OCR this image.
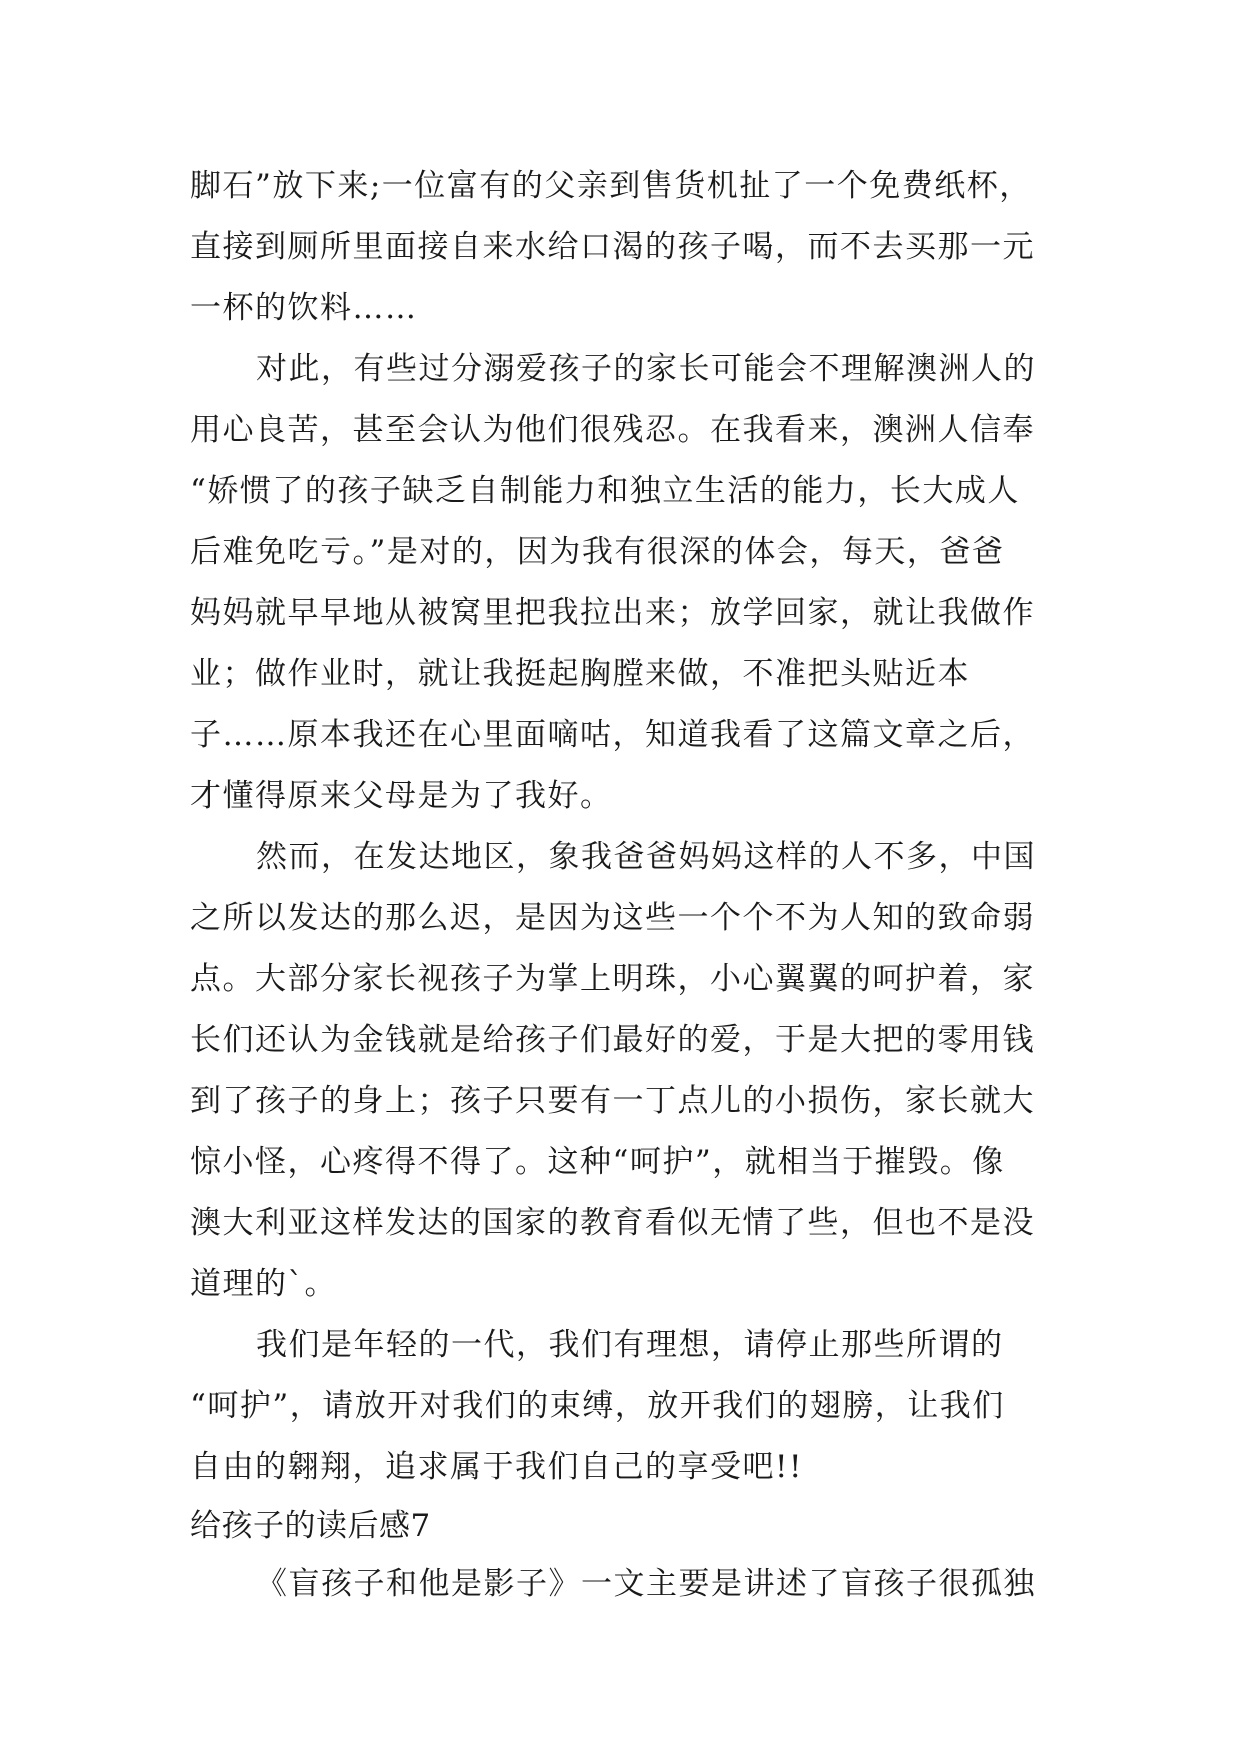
脚石”放下来;一位富有的父亲到售货机扯了一个免费纸杯，
直接到厕所里面接自来水给口渴的孩子喝，而不去买那一元
一杯的饮料……
对此，有些过分溺爱孩子的家长可能会不理解澳洲人的
用心良苦，甚至会认为他们很残忍。在我看来，澳洲人信奉
“娇惯了的孩子缺乏自制能力和独立生活的能力，长大成人
后难免吃亏。”是对的，因为我有很深的体会，每天，爸爸
妈妈就早早地从被窝里把我拉出来；放学回家，就让我做作
业；做作业时，就让我挺起胸膛来做，不准把头贴近本
子……原本我还在心里面嘀咕，知道我看了这篇文章之后，
才懂得原来父母是为了我好。
然而，在发达地区，象我爸爸妈妈这样的人不多，中国
之所以发达的那么迟，是因为这些一个个不为人知的致命弱
点。大部分家长视孩子为掌上明珠，小心翼翼的呵护着，家
长们还认为金钱就是给孩子们最好的爱，于是大把的零用钱
到了孩子的身上；孩子只要有一丁点儿的小损伤，家长就大
惊小怪，心疼得不得了。这种“呵护”，就相当于摧毁。像
澳大利亚这样发达的国家的教育看似无情了些，但也不是没
道理的`。
我们是年轻的一代，我们有理想，请停止那些所谓的
“呵护”，请放开对我们的束缚，放开我们的翅膀，让我们
自由的翱翔，追求属于我们自己的享受吧!!
给孩子的读后感7
《盲孩子和他是影子》一文主要是讲述了盲孩子很孤独
